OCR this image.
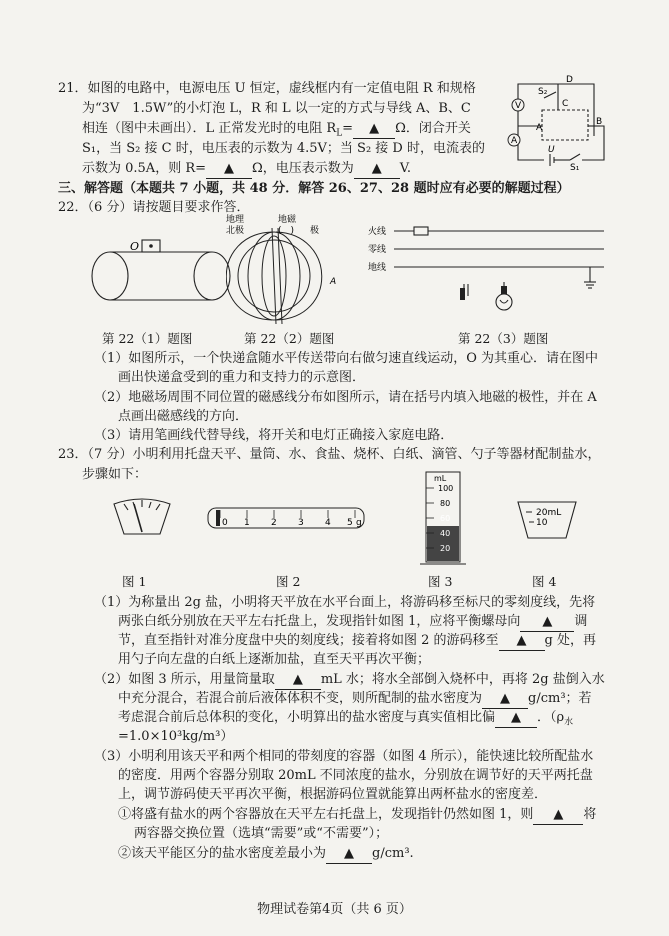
21．如图的电路中，电源电压 U 恒定，虚线框内有一定值电阻 R 和规格
为“3V　1.5W”的小灯泡 L，R 和 L 以一定的方式与导线 A、B、C
相连（图中未画出）．L 正常发光时的电阻 $R_L=$ ▲ Ω．闭合开关
S₁，当 S₂ 接 C 时，电压表的示数为 4.5V；当 S₂ 接 D 时，电流表的
示数为 0.5A，则 R= ▲ Ω，电压表示数为 ▲ V.
V
A
S₂
D
C
B
A
U
S₁
三、解答题（本题共 7 小题，共 48 分．解答 26、27、28 题时应有必要的解题过程）
22．（6 分）请按题目要求作答．
O
地理
北极
地磁
(　) 极
A
火线
零线
地线
第 22（1）题图	第 22（2）题图	第 22（3）题图
（1）如图所示，一个快递盒随水平传送带向右做匀速直线运动，O 为其重心．请在图中
画出快递盒受到的重力和支持力的示意图．
（2）地磁场周围不同位置的磁感线分布如图所示，请在括号内填入地磁的极性，并在 A
点画出磁感线的方向．
（3）请用笔画线代替导线，将开关和电灯正确接入家庭电路．
23．（7 分）小明利用托盘天平、量筒、水、食盐、烧杯、白纸、滴管、勺子等器材配制盐水，
步骤如下：
0 1 2 3 4 5 g
mL
100
80
60
40
20
20mL
10
图 1	图 2	图 3	图 4
（1）为称量出 2g 盐，小明将天平放在水平台面上，将游码移至标尺的零刻度线，先将
两张白纸分别放在天平左右托盘上，发现指针如图 1，应将平衡螺母向 ▲ 调
节，直至指针对准分度盘中央的刻度线；接着将如图 2 的游码移至 ▲ g 处，再
用勺子向左盘的白纸上逐渐加盐，直至天平再次平衡；
（2）如图 3 所示，用量筒量取 ▲ mL 水；将水全部倒入烧杯中，再将 2g 盐倒入水
中充分混合，若混合前后液体体积不变，则所配制的盐水密度为 ▲ g/cm³；若
考虑混合前后总体积的变化，小明算出的盐水密度与真实值相比偏 ▲ ．（$\rho_水$
=1.0×10³kg/m³）
（3）小明利用该天平和两个相同的带刻度的容器（如图 4 所示），能快速比较所配盐水
的密度．用两个容器分别取 20mL 不同浓度的盐水，分别放在调节好的天平两托盘
上，调节游码使天平再次平衡，根据游码位置就能算出两杯盐水的密度差．
①将盛有盐水的两个容器放在天平左右托盘上，发现指针仍然如图 1，则 ▲ 将
两容器交换位置（选填“需要”或“不需要”）；
②该天平能区分的盐水密度差最小为 ▲ g/cm³.
物理试卷第4页（共 6 页）
